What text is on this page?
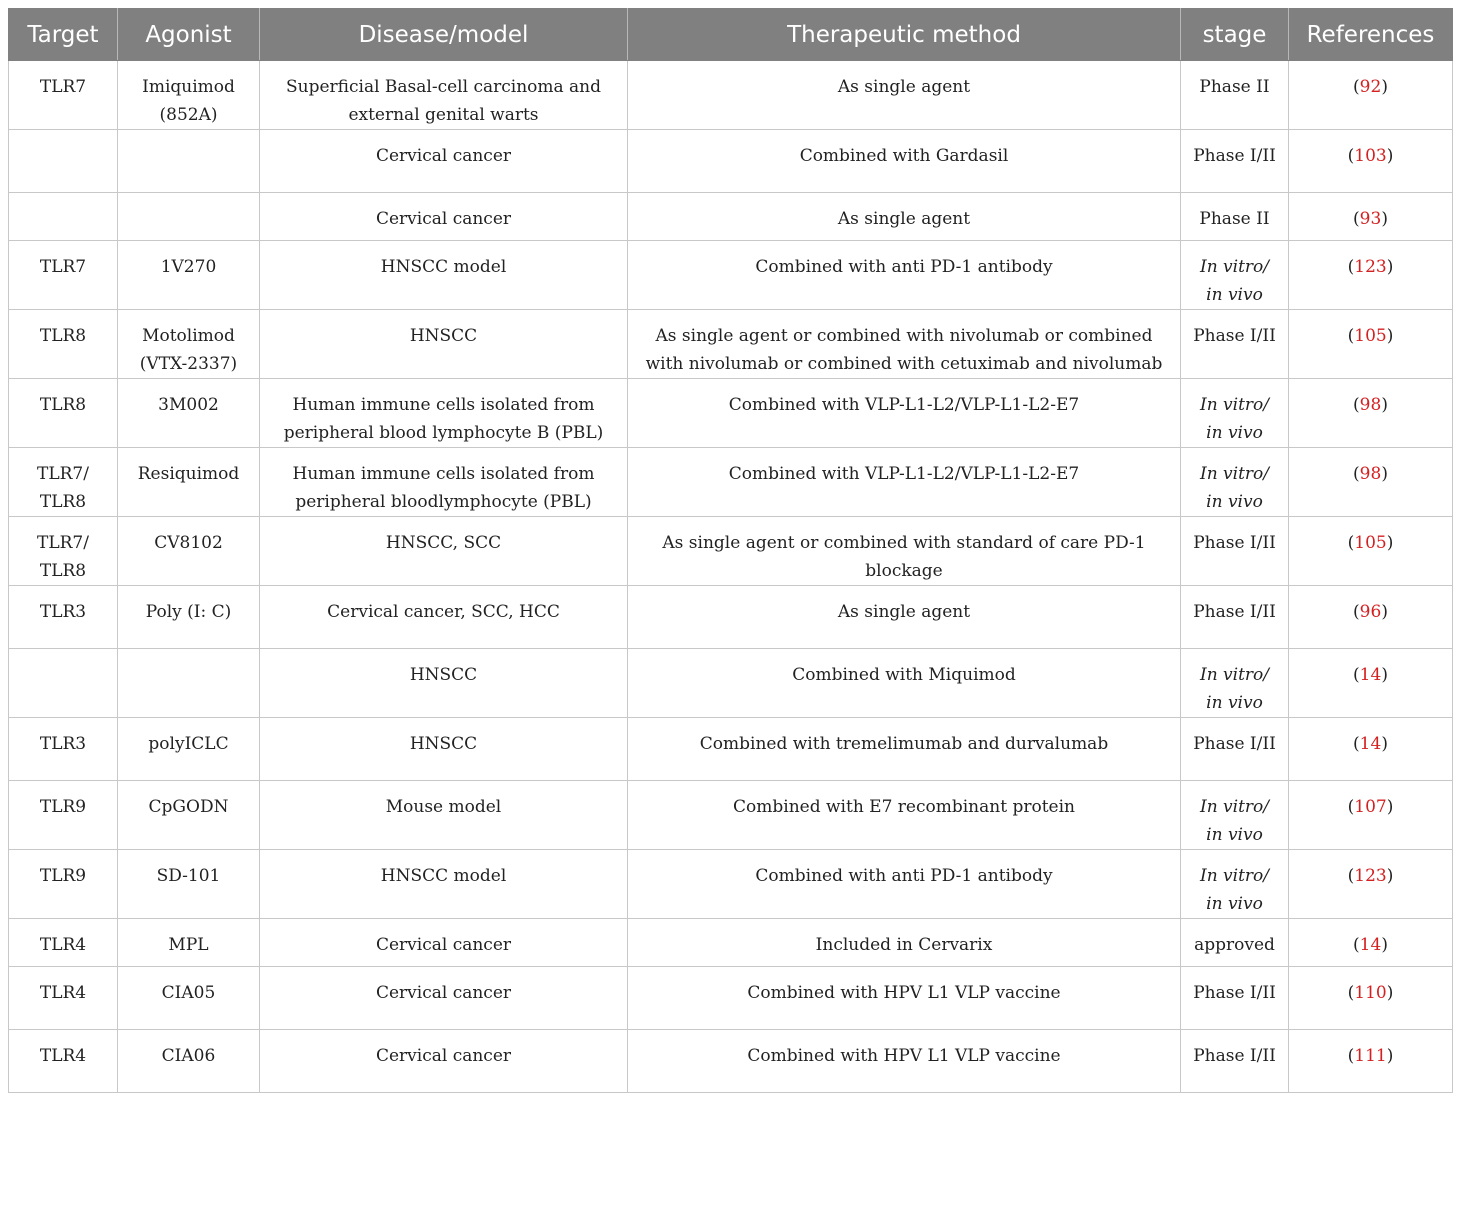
Target	Agonist	Disease/model	Therapeutic method	stage	References
TLR7	Imiquimod (852A)	Superficial Basal-cell carcinoma and external genital warts	As single agent	Phase II	(92)
		Cervical cancer	Combined with Gardasil	Phase I/II	(103)
		Cervical cancer	As single agent	Phase II	(93)
TLR7	1V270	HNSCC model	Combined with anti PD-1 antibody	In vitro/ in vivo	(123)
TLR8	Motolimod (VTX-2337)	HNSCC	As single agent or combined with nivolumab or combined with nivolumab or combined with cetuximab and nivolumab	Phase I/II	(105)
TLR8	3M002	Human immune cells isolated from peripheral blood lymphocyte B (PBL)	Combined with VLP-L1-L2/VLP-L1-L2-E7	In vitro/ in vivo	(98)
TLR7/ TLR8	Resiquimod	Human immune cells isolated from peripheral bloodlymphocyte (PBL)	Combined with VLP-L1-L2/VLP-L1-L2-E7	In vitro/ in vivo	(98)
TLR7/ TLR8	CV8102	HNSCC, SCC	As single agent or combined with standard of care PD-1 blockage	Phase I/II	(105)
TLR3	Poly (I: C)	Cervical cancer, SCC, HCC	As single agent	Phase I/II	(96)
		HNSCC	Combined with Miquimod	In vitro/ in vivo	(14)
TLR3	polyICLC	HNSCC	Combined with tremelimumab and durvalumab	Phase I/II	(14)
TLR9	CpGODN	Mouse model	Combined with E7 recombinant protein	In vitro/ in vivo	(107)
TLR9	SD-101	HNSCC model	Combined with anti PD-1 antibody	In vitro/ in vivo	(123)
TLR4	MPL	Cervical cancer	Included in Cervarix	approved	(14)
TLR4	CIA05	Cervical cancer	Combined with HPV L1 VLP vaccine	Phase I/II	(110)
TLR4	CIA06	Cervical cancer	Combined with HPV L1 VLP vaccine	Phase I/II	(111)
